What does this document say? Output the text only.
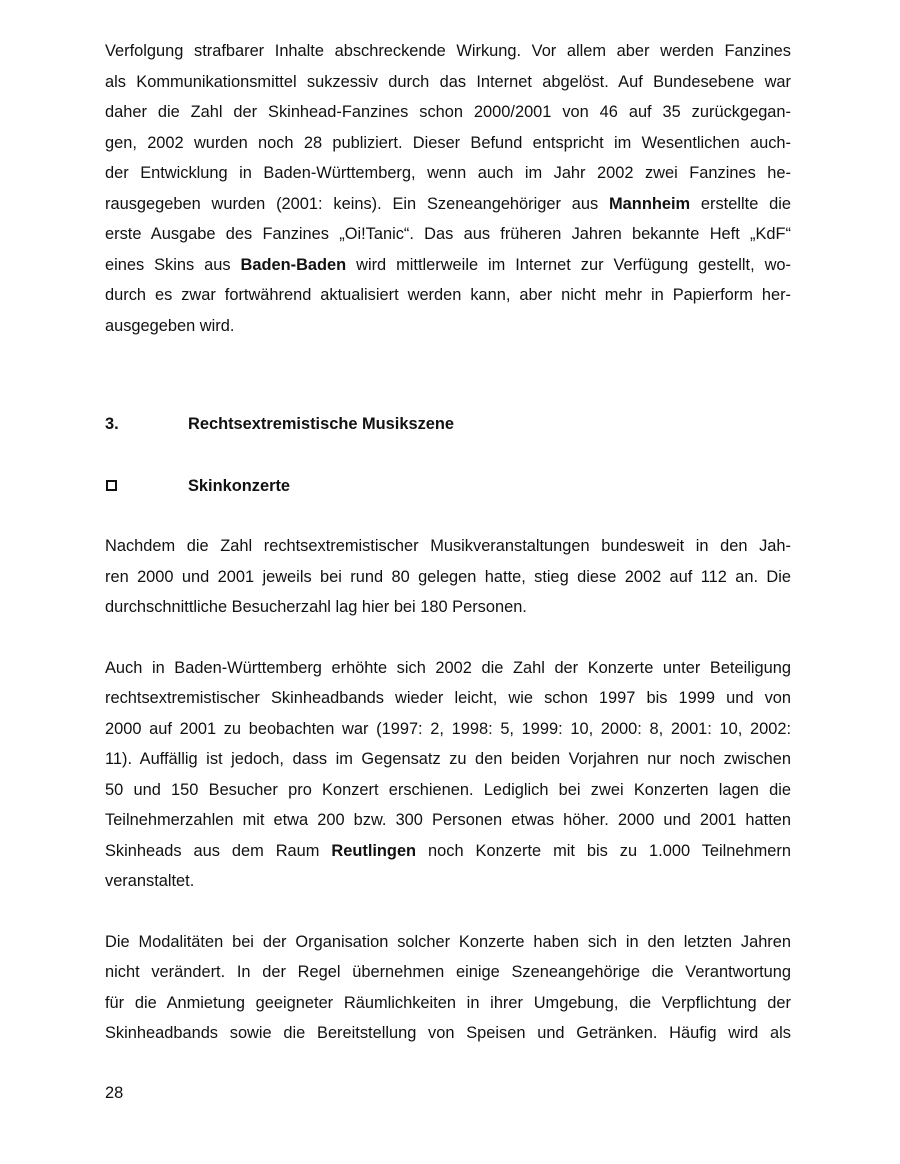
Verfolgung strafbarer Inhalte abschreckende Wirkung. Vor allem aber werden Fanzines
als Kommunikationsmittel sukzessiv durch das Internet abgelöst. Auf Bundesebene war
daher die Zahl der Skinhead-Fanzines schon 2000/2001 von 46 auf 35 zurückgegan-
gen, 2002 wurden noch 28 publiziert. Dieser Befund entspricht im Wesentlichen auch-
der Entwicklung in Baden-Württemberg, wenn auch im Jahr 2002 zwei Fanzines he-
rausgegeben wurden (2001: keins). Ein Szeneangehöriger aus Mannheim erstellte die
erste Ausgabe des Fanzines „Oi!Tanic“. Das aus früheren Jahren bekannte Heft „KdF“
eines Skins aus Baden-Baden wird mittlerweile im Internet zur Verfügung gestellt, wo-
durch es zwar fortwährend aktualisiert werden kann, aber nicht mehr in Papierform her-
ausgegeben wird.

3.	Rechtsextremistische Musikszene
Skinkonzerte

Nachdem die Zahl rechtsextremistischer Musikveranstaltungen bundesweit in den Jah-
ren 2000 und 2001 jeweils bei rund 80 gelegen hatte, stieg diese 2002 auf 112 an. Die
durchschnittliche Besucherzahl lag hier bei 180 Personen.

Auch in Baden-Württemberg erhöhte sich 2002 die Zahl der Konzerte unter Beteiligung
rechtsextremistischer Skinheadbands wieder leicht, wie schon 1997 bis 1999 und von
2000 auf 2001 zu beobachten war (1997: 2, 1998: 5, 1999: 10, 2000: 8, 2001: 10, 2002:
11). Auffällig ist jedoch, dass im Gegensatz zu den beiden Vorjahren nur noch zwischen
50 und 150 Besucher pro Konzert erschienen. Lediglich bei zwei Konzerten lagen die
Teilnehmerzahlen mit etwa 200 bzw. 300 Personen etwas höher. 2000 und 2001 hatten
Skinheads aus dem Raum Reutlingen noch Konzerte mit bis zu 1.000 Teilnehmern
veranstaltet.

Die Modalitäten bei der Organisation solcher Konzerte haben sich in den letzten Jahren
nicht verändert. In der Regel übernehmen einige Szeneangehörige die Verantwortung
für die Anmietung geeigneter Räumlichkeiten in ihrer Umgebung, die Verpflichtung der
Skinheadbands sowie die Bereitstellung von Speisen und Getränken. Häufig wird als

28
